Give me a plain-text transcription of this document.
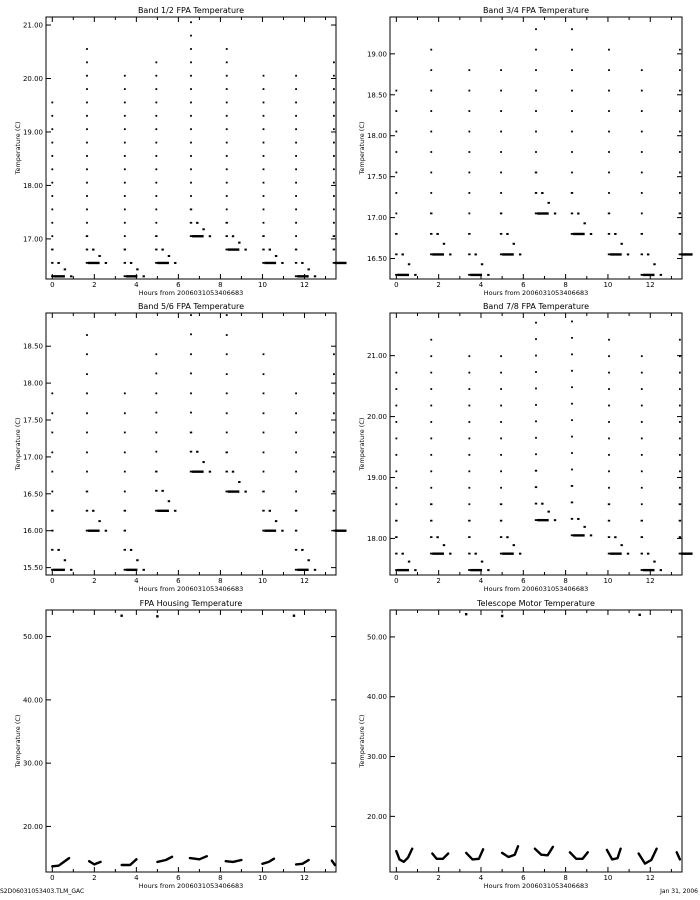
Band 1/2 FPA Temperature
Hours from 2006031053406683
Temperature (C)
0	2	4	6	8	10	12
17.00
18.00
19.00
20.00
21.00
Band 3/4 FPA Temperature
Hours from 2006031053406683
Temperature (C)
0	2	4	6	8	10	12
16.50
17.00
17.50
18.00
18.50
19.00
Band 5/6 FPA Temperature
Hours from 2006031053406683
Temperature (C)
0	2	4	6	8	10	12
15.50
16.00
16.50
17.00
17.50
18.00
18.50
Band 7/8 FPA Temperature
Hours from 2006031053406683
Temperature (C)
0	2	4	6	8	10	12
18.00
19.00
20.00
21.00
FPA Housing Temperature
Hours from 2006031053406683
Temperature (C)
0	2	4	6	8	10	12
20.00
30.00
40.00
50.00
Telescope Motor Temperature
Hours from 2006031053406683
Temperature (C)
0	2	4	6	8	10	12
20.00
30.00
40.00
50.00
S2D06031053403.TLM_GAC	Jan 31, 2006
